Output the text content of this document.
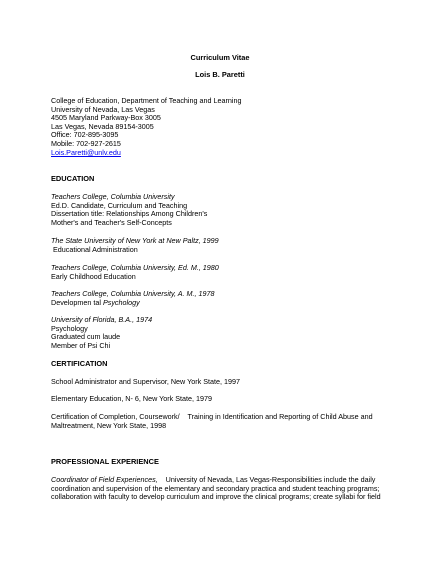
Curriculum Vitae
Lois B. Paretti
College of Education, Department of Teaching and Learning
University of Nevada, Las Vegas
4505 Maryland Parkway-Box 3005
Las Vegas, Nevada 89154-3005
Office: 702-895-3095
Mobile: 702-927-2615
Lois.Paretti@unlv.edu
EDUCATION
Teachers College, Columbia University
Ed.D. Candidate, Curriculum and Teaching
Dissertation title: Relationships Among Children's
Mother's and Teacher's Self-Concepts
The State University of New York at New Paltz, 1999
Educational Administration
Teachers College, Columbia University, Ed. M., 1980
Early Childhood Education
Teachers College, Columbia University, A. M., 1978
Developmen tal Psychology
University of Florida, B.A., 1974
Psychology
Graduated cum laude
Member of Psi Chi
CERTIFICATION
School Administrator and Supervisor, New York State, 1997
Elementary Education, N- 6, New York State, 1979
Certification of Completion, Coursework/    Training in Identification and Reporting of Child Abuse and
Maltreatment, New York State, 1998
PROFESSIONAL EXPERIENCE
Coordinator of Field Experiences,    University of Nevada, Las Vegas-Responsibilities include the daily
coordination and supervision of the elementary and secondary practica and student teaching programs;
collaboration with faculty to develop curriculum and improve the clinical programs; create syllabi for field
